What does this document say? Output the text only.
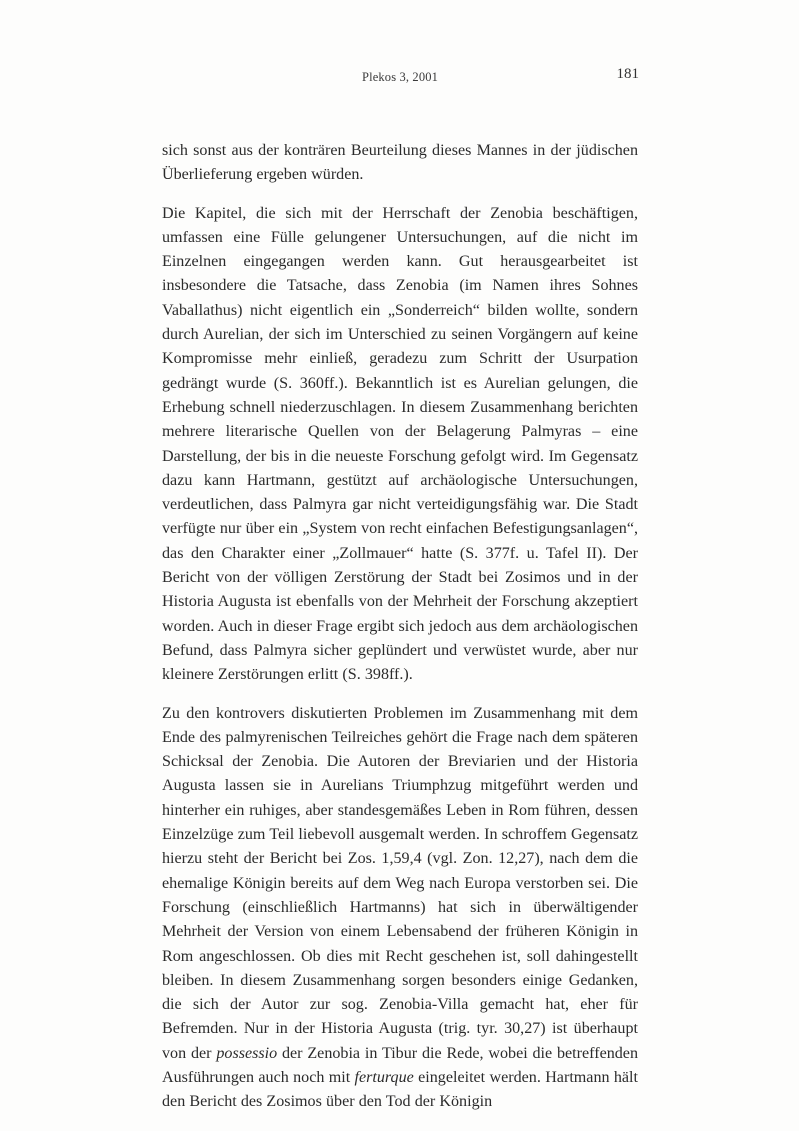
Plekos 3, 2001	181

sich sonst aus der konträren Beurteilung dieses Mannes in der jüdischen Überlieferung ergeben würden.

Die Kapitel, die sich mit der Herrschaft der Zenobia beschäftigen, umfassen eine Fülle gelungener Untersuchungen, auf die nicht im Einzelnen eingegangen werden kann. Gut herausgearbeitet ist insbesondere die Tatsache, dass Zenobia (im Namen ihres Sohnes Vaballathus) nicht eigentlich ein „Sonderreich“ bilden wollte, sondern durch Aurelian, der sich im Unterschied zu seinen Vorgängern auf keine Kompromisse mehr einließ, geradezu zum Schritt der Usurpation gedrängt wurde (S. 360ff.). Bekanntlich ist es Aurelian gelungen, die Erhebung schnell niederzuschlagen. In diesem Zusammenhang berichten mehrere literarische Quellen von der Belagerung Palmyras – eine Darstellung, der bis in die neueste Forschung gefolgt wird. Im Gegensatz dazu kann Hartmann, gestützt auf archäologische Untersuchungen, verdeutlichen, dass Palmyra gar nicht verteidigungsfähig war. Die Stadt verfügte nur über ein „System von recht einfachen Befestigungsanlagen“, das den Charakter einer „Zollmauer“ hatte (S. 377f. u. Tafel II). Der Bericht von der völligen Zerstörung der Stadt bei Zosimos und in der Historia Augusta ist ebenfalls von der Mehrheit der Forschung akzeptiert worden. Auch in dieser Frage ergibt sich jedoch aus dem archäologischen Befund, dass Palmyra sicher geplündert und verwüstet wurde, aber nur kleinere Zerstörungen erlitt (S. 398ff.).

Zu den kontrovers diskutierten Problemen im Zusammenhang mit dem Ende des palmyrenischen Teilreiches gehört die Frage nach dem späteren Schicksal der Zenobia. Die Autoren der Breviarien und der Historia Augusta lassen sie in Aurelians Triumphzug mitgeführt werden und hinterher ein ruhiges, aber standesgemäßes Leben in Rom führen, dessen Einzelzüge zum Teil liebevoll ausgemalt werden. In schroffem Gegensatz hierzu steht der Bericht bei Zos. 1,59,4 (vgl. Zon. 12,27), nach dem die ehemalige Königin bereits auf dem Weg nach Europa verstorben sei. Die Forschung (einschließlich Hartmanns) hat sich in überwältigender Mehrheit der Version von einem Lebensabend der früheren Königin in Rom angeschlossen. Ob dies mit Recht geschehen ist, soll dahingestellt bleiben. In diesem Zusammenhang sorgen besonders einige Gedanken, die sich der Autor zur sog. Zenobia-Villa gemacht hat, eher für Befremden. Nur in der Historia Augusta (trig. tyr. 30,27) ist überhaupt von der possessio der Zenobia in Tibur die Rede, wobei die betreffenden Ausführungen auch noch mit ferturque eingeleitet werden. Hartmann hält den Bericht des Zosimos über den Tod der Königin
